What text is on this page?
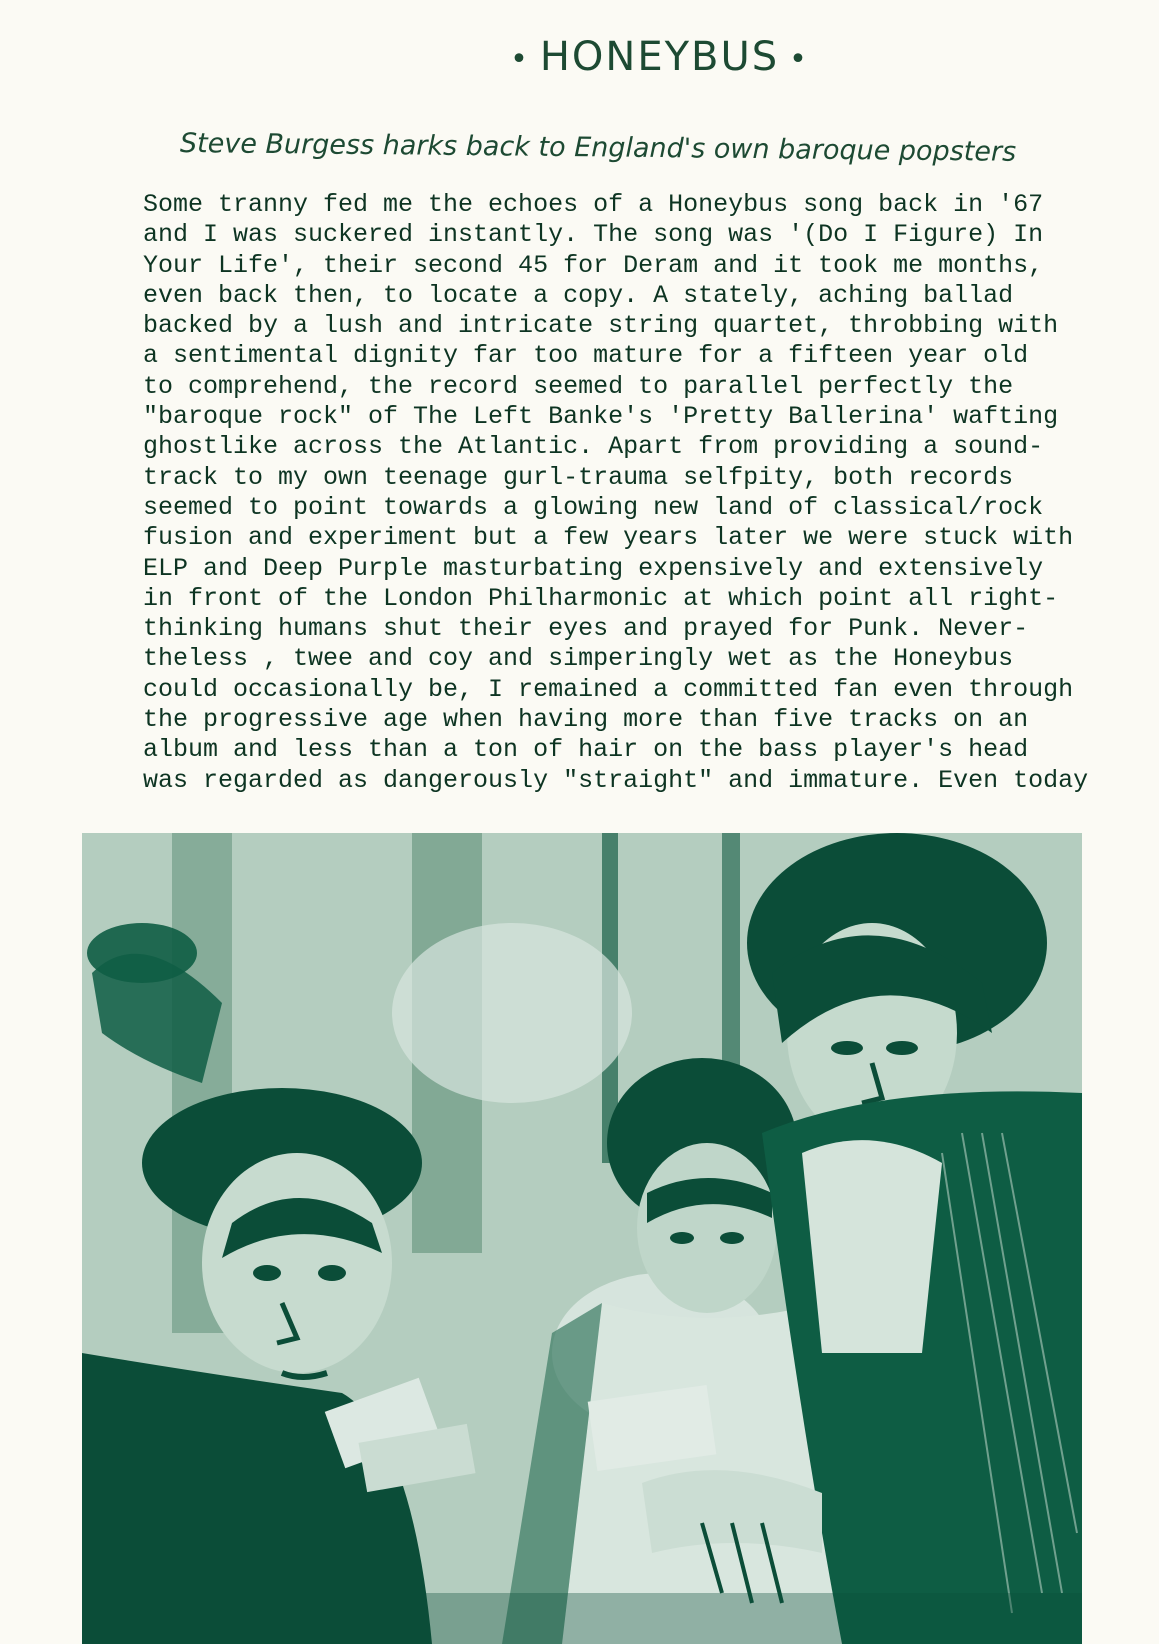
• HONEYBUS •
Steve Burgess harks back to England's own baroque popsters
Some tranny fed me the echoes of a Honeybus song back in '67
and I was suckered instantly. The song was '(Do I Figure) In
Your Life', their second 45 for Deram and it took me months,
even back then, to locate a copy. A stately, aching ballad
backed by a lush and intricate string quartet, throbbing with
a sentimental dignity far too mature for a fifteen year old
to comprehend, the record seemed to parallel perfectly the
"baroque rock" of The Left Banke's 'Pretty Ballerina' wafting
ghostlike across the Atlantic. Apart from providing a sound-
track to my own teenage gurl-trauma selfpity, both records
seemed to point towards a glowing new land of classical/rock
fusion and experiment but a few years later we were stuck with
ELP and Deep Purple masturbating expensively and extensively
in front of the London Philharmonic at which point all right-
thinking humans shut their eyes and prayed for Punk. Never-
theless , twee and coy and simperingly wet as the Honeybus
could occasionally be, I remained a committed fan even through
the progressive age when having more than five tracks on an
album and less than a ton of hair on the bass player's head
was regarded as dangerously "straight" and immature. Even today
